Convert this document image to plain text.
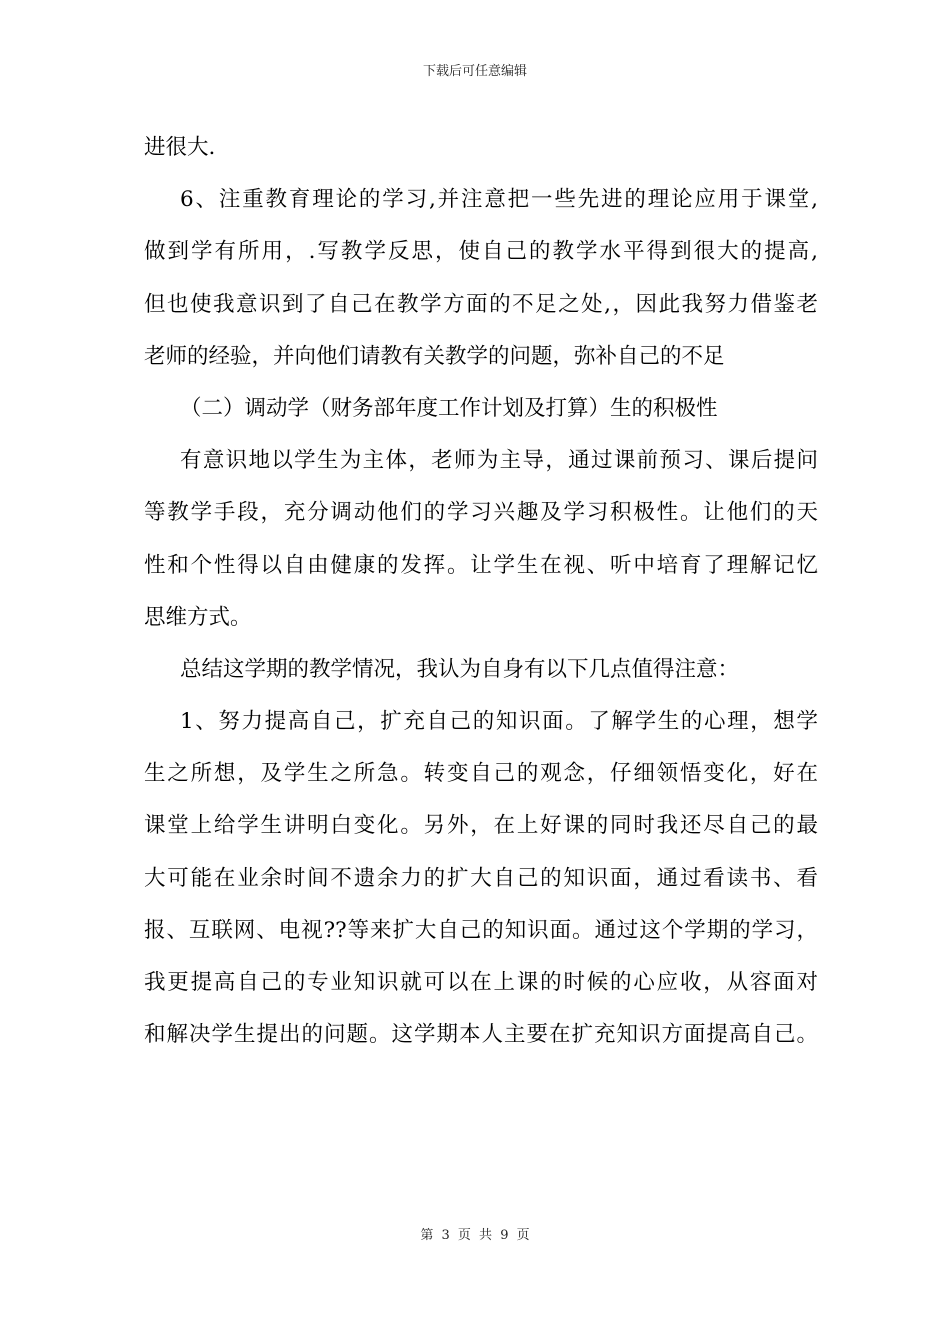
下载后可任意编辑
进很大.
6、注重教育理论的学习,并注意把一些先进的理论应用于课堂,
做到学有所用，.写教学反思，使自己的教学水平得到很大的提高,
但也使我意识到了自己在教学方面的不足之处,，因此我努力借鉴老
老师的经验，并向他们请教有关教学的问题，弥补自己的不足
（二）调动学（财务部年度工作计划及打算）生的积极性
有意识地以学生为主体，老师为主导，通过课前预习、课后提问
等教学手段，充分调动他们的学习兴趣及学习积极性。让他们的天
性和个性得以自由健康的发挥。让学生在视、听中培育了理解记忆
思维方式。
总结这学期的教学情况，我认为自身有以下几点值得注意：
1、努力提高自己，扩充自己的知识面。了解学生的心理，想学
生之所想，及学生之所急。转变自己的观念，仔细领悟变化，好在
课堂上给学生讲明白变化。另外，在上好课的同时我还尽自己的最
大可能在业余时间不遗余力的扩大自己的知识面，通过看读书、看
报、互联网、电视??等来扩大自己的知识面。通过这个学期的学习，
我更提高自己的专业知识就可以在上课的时候的心应收，从容面对
和解决学生提出的问题。这学期本人主要在扩充知识方面提高自己。
第 3 页 共 9 页
